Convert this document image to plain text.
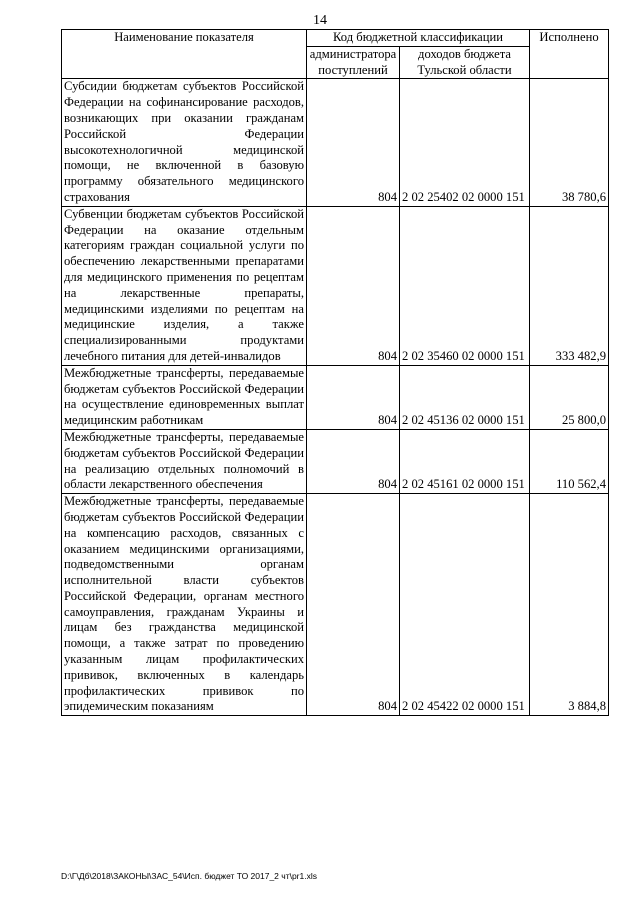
14
Наименование показателя	Код бюджетной классификации		Исполнено
	администратора поступлений	доходов бюджета Тульской области	
Субсидии бюджетам субъектов Российской Федерации на софинансирование расходов, возникающих при оказании гражданам Российской Федерации высокотехнологичной медицинской помощи, не включенной в базовую программу обязательного медицинского страхования	804	2 02 25402 02 0000 151	38 780,6
Субвенции бюджетам субъектов Российской Федерации на оказание отдельным категориям граждан социальной услуги по обеспечению лекарственными препаратами для медицинского применения по рецептам на лекарственные препараты, медицинскими изделиями по рецептам на медицинские изделия, а также специализированными продуктами лечебного питания для детей-инвалидов	804	2 02 35460 02 0000 151	333 482,9
Межбюджетные трансферты, передаваемые бюджетам субъектов Российской Федерации на осуществление единовременных выплат медицинским работникам	804	2 02 45136 02 0000 151	25 800,0
Межбюджетные трансферты, передаваемые бюджетам субъектов Российской Федерации на реализацию отдельных полномочий в области лекарственного обеспечения	804	2 02 45161 02 0000 151	110 562,4
Межбюджетные трансферты, передаваемые бюджетам субъектов Российской Федерации на компенсацию расходов, связанных с оказанием медицинскими организациями, подведомственными органам исполнительной власти субъектов Российской Федерации, органам местного самоуправления, гражданам Украины и лицам без гражданства медицинской помощи, а также затрат по проведению указанным лицам профилактических прививок, включенных в календарь профилактических прививок по эпидемическим показаниям	804	2 02 45422 02 0000 151	3 884,8
D:\Г\Дб\2018\ЗАКОНЫ\ЗАС_54\Исп. бюджет ТО 2017_2 чт\pr1.xls
